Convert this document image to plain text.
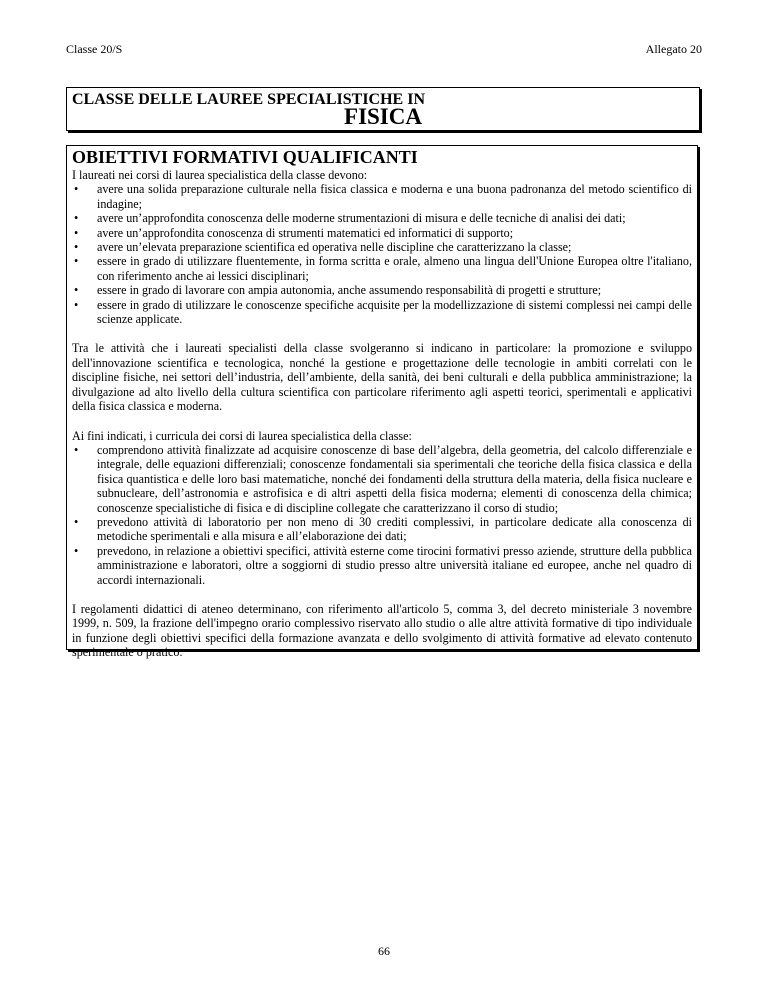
Classe 20/S	Allegato 20
CLASSE DELLE LAUREE SPECIALISTICHE IN
FISICA
OBIETTIVI FORMATIVI QUALIFICANTI

I laureati nei corsi di laurea specialistica della classe devono:

• avere una solida preparazione culturale nella fisica classica e moderna e una buona padronanza del metodo scientifico di indagine;
• avere un’approfondita conoscenza delle moderne strumentazioni di misura e delle tecniche di analisi dei dati;
• avere un’approfondita conoscenza di strumenti matematici ed informatici di supporto;
• avere un’elevata preparazione scientifica ed operativa nelle discipline che caratterizzano la classe;
• essere in grado di utilizzare fluentemente, in forma scritta e orale, almeno una lingua dell'Unione Europea oltre l'italiano, con riferimento anche ai lessici disciplinari;
• essere in grado di lavorare con ampia autonomia, anche assumendo responsabilità di progetti e strutture;
• essere in grado di utilizzare le conoscenze specifiche acquisite per la modellizzazione di sistemi complessi nei campi delle scienze applicate.

Tra le attività che i laureati specialisti della classe svolgeranno si indicano in particolare: la promozione e sviluppo dell'innovazione scientifica e tecnologica, nonché la gestione e progettazione delle tecnologie in ambiti correlati con le discipline fisiche, nei settori dell’industria, dell’ambiente, della sanità, dei beni culturali e della pubblica amministrazione; la divulgazione ad alto livello della cultura scientifica con particolare riferimento agli aspetti teorici, sperimentali e applicativi della fisica classica e moderna.

Ai fini indicati, i curricula dei corsi di laurea specialistica della classe:

• comprendono attività finalizzate ad acquisire conoscenze di base dell’algebra, della geometria, del calcolo differenziale e integrale, delle equazioni differenziali; conoscenze fondamentali sia sperimentali che teoriche della fisica classica e della fisica quantistica e delle loro basi matematiche, nonché dei fondamenti della struttura della materia, della fisica nucleare e subnucleare, dell’astronomia e astrofisica e di altri aspetti della fisica moderna; elementi di conoscenza della chimica; conoscenze specialistiche di fisica e di discipline collegate che caratterizzano il corso di studio;
• prevedono attività di laboratorio per non meno di 30 crediti complessivi, in particolare dedicate alla conoscenza di metodiche sperimentali e alla misura e all’elaborazione dei dati;
• prevedono, in relazione a obiettivi specifici, attività esterne come tirocini formativi presso aziende, strutture della pubblica amministrazione e laboratori, oltre a soggiorni di studio presso altre università italiane ed europee, anche nel quadro di accordi internazionali.

I regolamenti didattici di ateneo determinano, con riferimento all'articolo 5, comma 3, del decreto ministeriale 3 novembre 1999, n. 509, la frazione dell'impegno orario complessivo riservato allo studio o alle altre attività formative di tipo individuale in funzione degli obiettivi specifici della formazione avanzata e dello svolgimento di attività formative ad elevato contenuto sperimentale o pratico.

66
